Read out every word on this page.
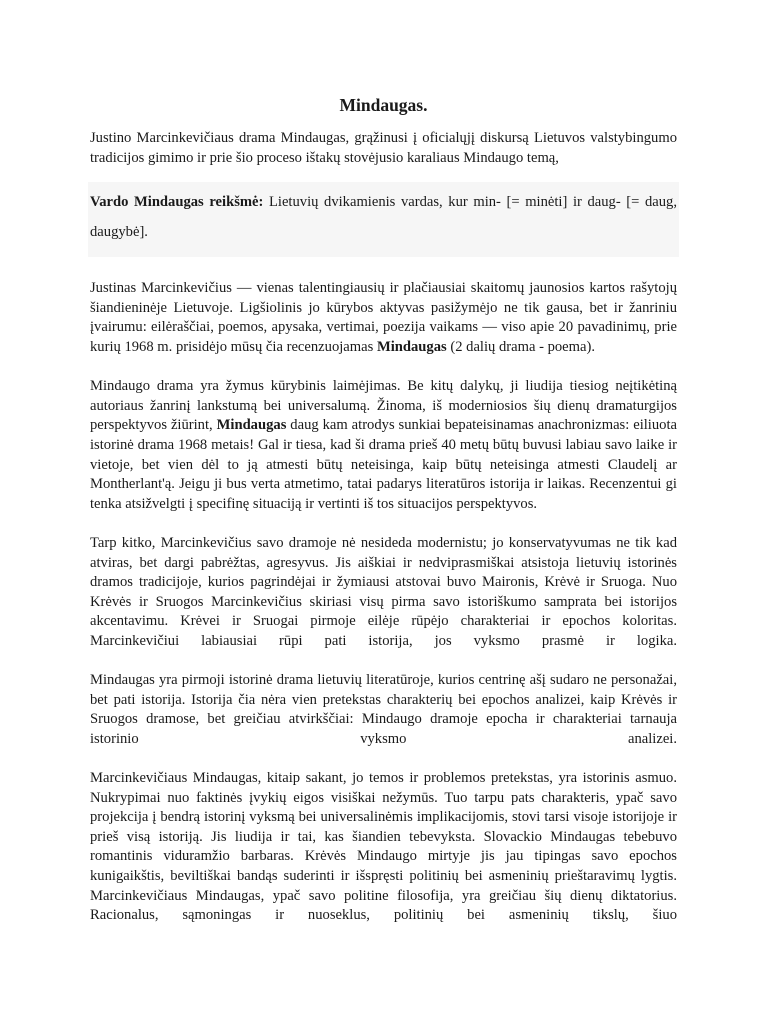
Mindaugas.

Justino Marcinkevičiaus drama Mindaugas, grąžinusi į oficialųjį diskursą Lietuvos valstybingumo tradicijos gimimo ir prie šio proceso ištakų stovėjusio karaliaus Mindaugo temą,

Vardo Mindaugas reikšmė: Lietuvių dvikamienis vardas, kur min- [= minėti] ir daug- [= daug, daugybė].

Justinas Marcinkevičius — vienas talentingiausių ir plačiausiai skaitomų jaunosios kartos rašytojų šiandieninėje Lietuvoje. Ligšiolinis jo kūrybos aktyvas pasižymėjo ne tik gausa, bet ir žanriniu įvairumu: eilėraščiai, poemos, apysaka, vertimai, poezija vaikams — viso apie 20 pavadinimų, prie kurių 1968 m. prisidėjo mūsų čia recenzuojamas Mindaugas (2 dalių drama - poema).

Mindaugo drama yra žymus kūrybinis laimėjimas. Be kitų dalykų, ji liudija tiesiog neįtikėtiną autoriaus žanrinį lankstumą bei universalumą. Žinoma, iš moderniosios šių dienų dramaturgijos perspektyvos žiūrint, Mindaugas daug kam atrodys sunkiai bepateisinamas anachronizmas: eiliuota istorinė drama 1968 metais! Gal ir tiesa, kad ši drama prieš 40 metų būtų buvusi labiau savo laike ir vietoje, bet vien dėl to ją atmesti būtų neteisinga, kaip būtų neteisinga atmesti Claudelį ar Montherlant'ą. Jeigu ji bus verta atmetimo, tatai padarys literatūros istorija ir laikas. Recenzentui gi tenka atsižvelgti į specifinę situaciją ir vertinti iš tos situacijos perspektyvos.

Tarp kitko, Marcinkevičius savo dramoje nė nesideda modernistu; jo konservatyvumas ne tik kad atviras, bet dargi pabrėžtas, agresyvus. Jis aiškiai ir nedviprasmiškai atsistoja lietuvių istorinės dramos tradicijoje, kurios pagrindėjai ir žymiausi atstovai buvo Maironis, Krėvė ir Sruoga. Nuo Krėvės ir Sruogos Marcinkevičius skiriasi visų pirma savo istoriškumo samprata bei istorijos akcentavimu. Krėvei ir Sruogai pirmoje eilėje rūpėjo charakteriai ir epochos koloritas. Marcinkevičiui labiausiai rūpi pati istorija, jos vyksmo prasmė ir logika.

Mindaugas yra pirmoji istorinė drama lietuvių literatūroje, kurios centrinę ašį sudaro ne personažai, bet pati istorija. Istorija čia nėra vien pretekstas charakterių bei epochos analizei, kaip Krėvės ir Sruogos dramose, bet greičiau atvirkščiai: Mindaugo dramoje epocha ir charakteriai tarnauja istorinio vyksmo analizei.

Marcinkevičiaus Mindaugas, kitaip sakant, jo temos ir problemos pretekstas, yra istorinis asmuo. Nukrypimai nuo faktinės įvykių eigos visiškai nežymūs. Tuo tarpu pats charakteris, ypač savo projekcija į bendrą istorinį vyksmą bei universalinėmis implikacijomis, stovi tarsi visoje istorijoje ir prieš visą istoriją. Jis liudija ir tai, kas šiandien tebevyksta. Slovackio Mindaugas tebebuvo romantinis viduramžio barbaras. Krėvės Mindaugo mirtyje jis jau tipingas savo epochos kunigaikštis, beviltiškai bandąs suderinti ir išspręsti politinių bei asmeninių prieštaravimų lygtis. Marcinkevičiaus Mindaugas, ypač savo politine filosofija, yra greičiau šių dienų diktatorius. Racionalus, sąmoningas ir nuoseklus, politinių bei asmeninių tikslų, šiuo
